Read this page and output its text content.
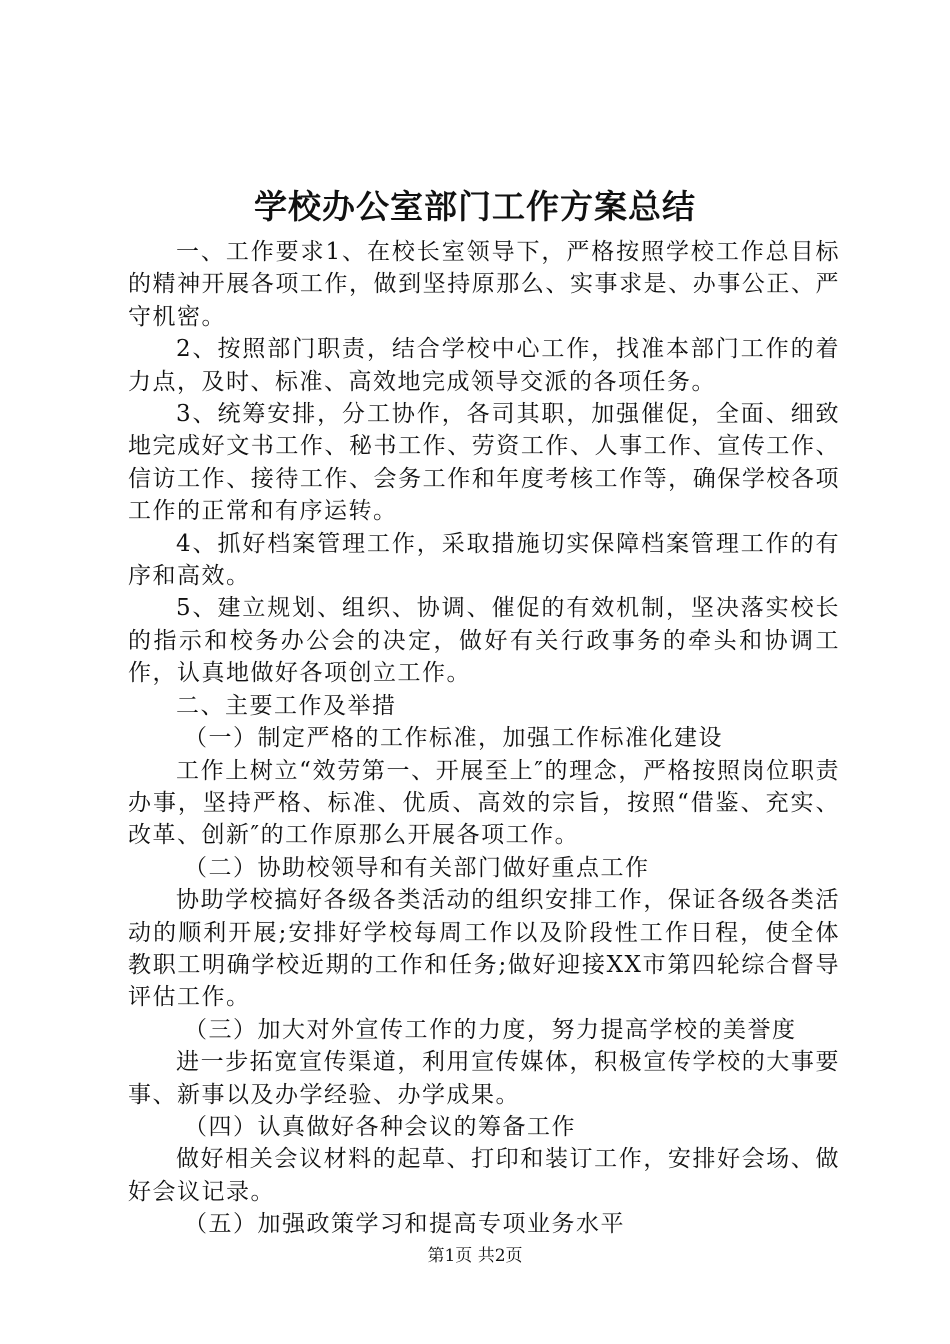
学校办公室部门工作方案总结

一、工作要求1、在校长室领导下，严格按照学校工作总目标的精神开展各项工作，做到坚持原那么、实事求是、办事公正、严守机密。

2、按照部门职责，结合学校中心工作，找准本部门工作的着力点，及时、标准、高效地完成领导交派的各项任务。

3、统筹安排，分工协作，各司其职，加强催促，全面、细致地完成好文书工作、秘书工作、劳资工作、人事工作、宣传工作、信访工作、接待工作、会务工作和年度考核工作等，确保学校各项工作的正常和有序运转。

4、抓好档案管理工作，采取措施切实保障档案管理工作的有序和高效。

5、建立规划、组织、协调、催促的有效机制，坚决落实校长的指示和校务办公会的决定，做好有关行政事务的牵头和协调工作，认真地做好各项创立工作。

二、主要工作及举措

（一）制定严格的工作标准，加强工作标准化建设

工作上树立“效劳第一、开展至上″的理念，严格按照岗位职责办事，坚持严格、标准、优质、高效的宗旨，按照“借鉴、充实、改革、创新″的工作原那么开展各项工作。

（二）协助校领导和有关部门做好重点工作

协助学校搞好各级各类活动的组织安排工作，保证各级各类活动的顺利开展;安排好学校每周工作以及阶段性工作日程，使全体教职工明确学校近期的工作和任务;做好迎接XX市第四轮综合督导评估工作。

（三）加大对外宣传工作的力度，努力提高学校的美誉度

进一步拓宽宣传渠道，利用宣传媒体，积极宣传学校的大事要事、新事以及办学经验、办学成果。

（四）认真做好各种会议的筹备工作

做好相关会议材料的起草、打印和装订工作，安排好会场、做好会议记录。

（五）加强政策学习和提高专项业务水平

第1页 共2页
